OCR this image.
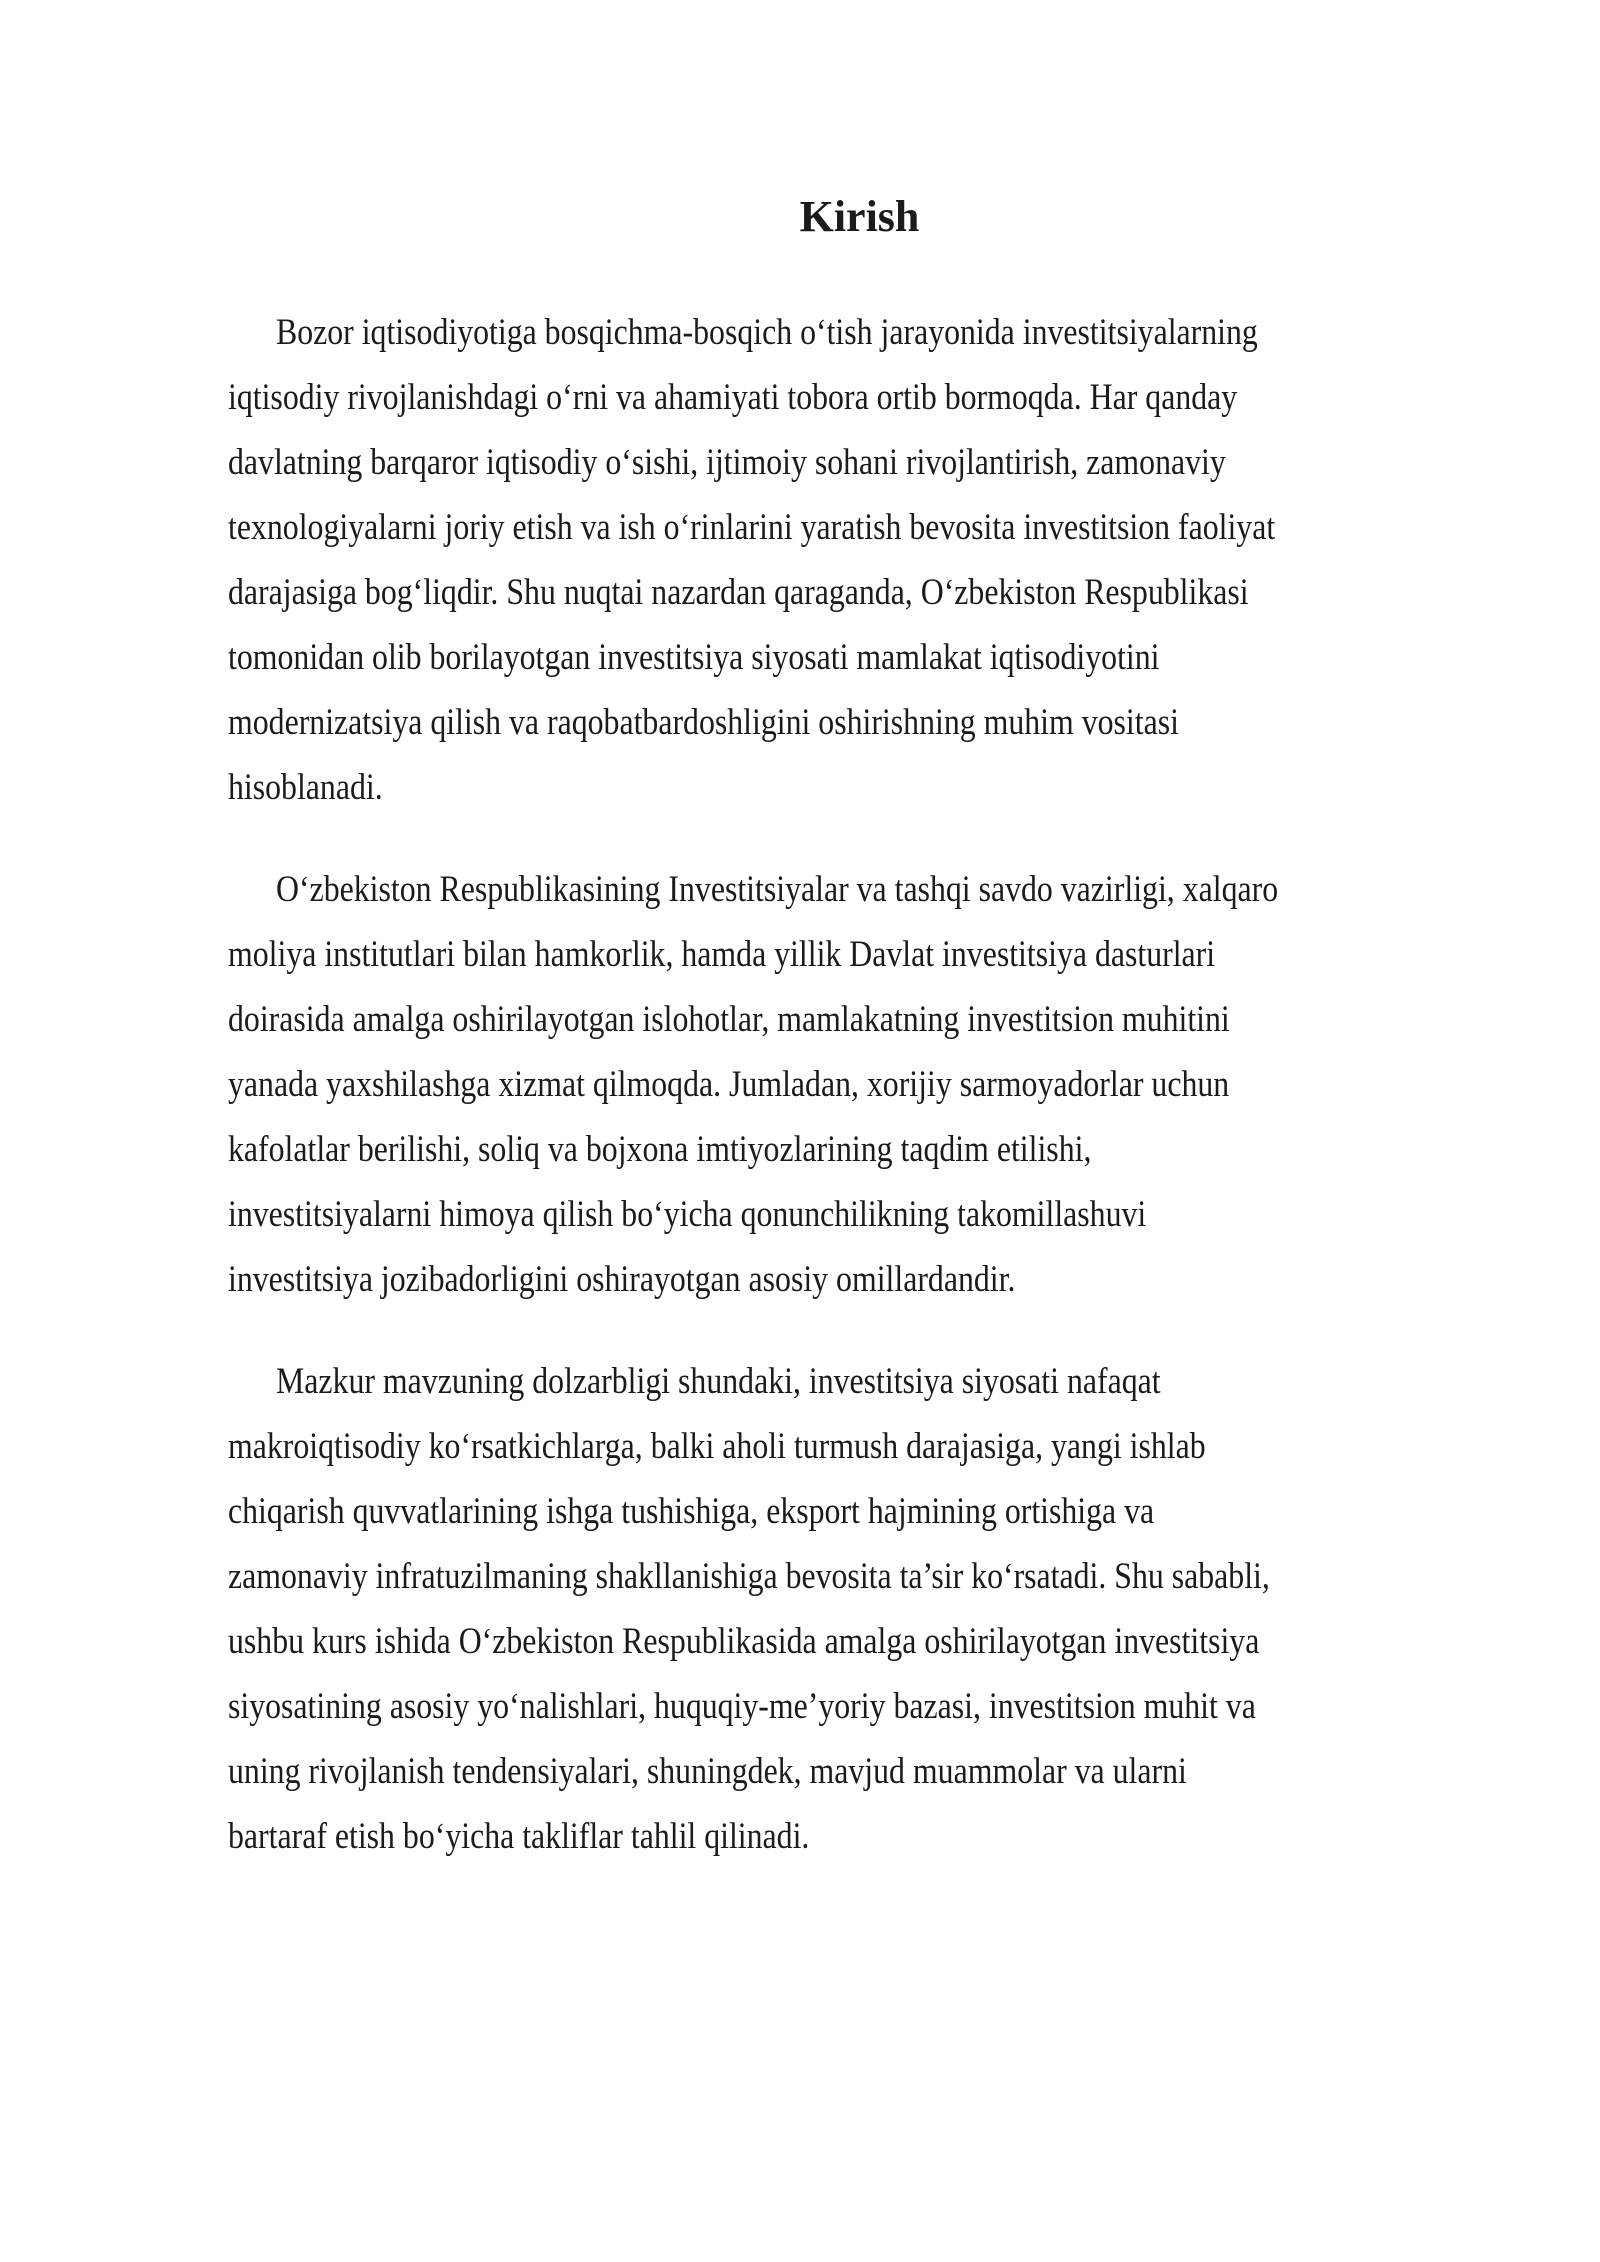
Kirish
Bozor iqtisodiyotiga bosqichma-bosqich oʻtish jarayonida investitsiyalarning
iqtisodiy rivojlanishdagi oʻrni va ahamiyati tobora ortib bormoqda. Har qanday
davlatning barqaror iqtisodiy oʻsishi, ijtimoiy sohani rivojlantirish, zamonaviy
texnologiyalarni joriy etish va ish oʻrinlarini yaratish bevosita investitsion faoliyat
darajasiga bogʻliqdir. Shu nuqtai nazardan qaraganda, Oʻzbekiston Respublikasi
tomonidan olib borilayotgan investitsiya siyosati mamlakat iqtisodiyotini
modernizatsiya qilish va raqobatbardoshligini oshirishning muhim vositasi
hisoblanadi.
Oʻzbekiston Respublikasining Investitsiyalar va tashqi savdo vazirligi, xalqaro
moliya institutlari bilan hamkorlik, hamda yillik Davlat investitsiya dasturlari
doirasida amalga oshirilayotgan islohotlar, mamlakatning investitsion muhitini
yanada yaxshilashga xizmat qilmoqda. Jumladan, xorijiy sarmoyadorlar uchun
kafolatlar berilishi, soliq va bojxona imtiyozlarining taqdim etilishi,
investitsiyalarni himoya qilish boʻyicha qonunchilikning takomillashuvi
investitsiya jozibadorligini oshirayotgan asosiy omillardandir.
Mazkur mavzuning dolzarbligi shundaki, investitsiya siyosati nafaqat
makroiqtisodiy koʻrsatkichlarga, balki aholi turmush darajasiga, yangi ishlab
chiqarish quvvatlarining ishga tushishiga, eksport hajmining ortishiga va
zamonaviy infratuzilmaning shakllanishiga bevosita ta’sir koʻrsatadi. Shu sababli,
ushbu kurs ishida Oʻzbekiston Respublikasida amalga oshirilayotgan investitsiya
siyosatining asosiy yoʻnalishlari, huquqiy-me’yoriy bazasi, investitsion muhit va
uning rivojlanish tendensiyalari, shuningdek, mavjud muammolar va ularni
bartaraf etish boʻyicha takliflar tahlil qilinadi.
